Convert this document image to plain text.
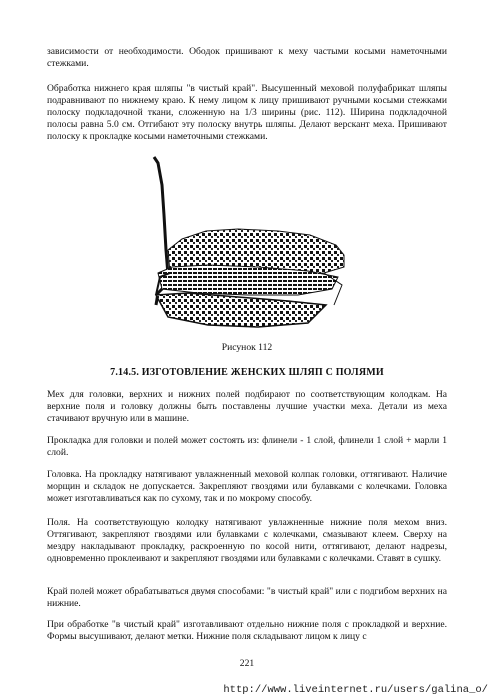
зависимости от необходимости. Ободок пришивают к меху частыми косыми наметочными стежками.

Обработка нижнего края шляпы "в чистый край". Высушенный меховой полуфабрикат шляпы подравнивают по нижнему краю. К нему лицом к лицу пришивают ручными косыми стежками полоску подкладочной ткани, сложенную на 1/3 ширины (рис. 112). Ширина подкладочной полосы равна 5.0 см. Отгибают эту полоску внутрь шляпы. Делают верскант меха. Пришивают полоску к прокладке косыми наметочными стежками.

Рисунок 112
7.14.5. ИЗГОТОВЛЕНИЕ ЖЕНСКИХ ШЛЯП С ПОЛЯМИ

Мех для головки, верхних и нижних полей подбирают по соответствующим колодкам. На верхние поля и головку должны быть поставлены лучшие участки меха. Детали из меха стачивают вручную или в машине.

Прокладка для головки и полей может состоять из: флинели - 1 слой, флинели 1 слой + марли 1 слой.

Головка. На прокладку натягивают увлажненный меховой колпак головки, оттягивают. Наличие морщин и складок не допускается. Закрепляют гвоздями или булавками с колечками. Головка может изготавливаться как по сухому, так и по мокрому способу.

Поля. На соответствующую колодку натягивают увлажненные нижние поля мехом вниз. Оттягивают, закрепляют гвоздями или булавками с колечками, смазывают клеем. Сверху на мездру накладывают прокладку, раскроенную по косой нити, оттягивают, делают надрезы, одновременно проклеивают и закрепляют гвоздями или булавками с колечками. Ставят в сушку.

Край полей может обрабатываться двумя способами: "в чистый край" или с подгибом верхних на нижние.

При обработке "в чистый край" изготавливают отдельно нижние поля с прокладкой и верхние. Формы высушивают, делают метки. Нижние поля складывают лицом к лицу с

221
http://www.liveinternet.ru/users/galina_o/
